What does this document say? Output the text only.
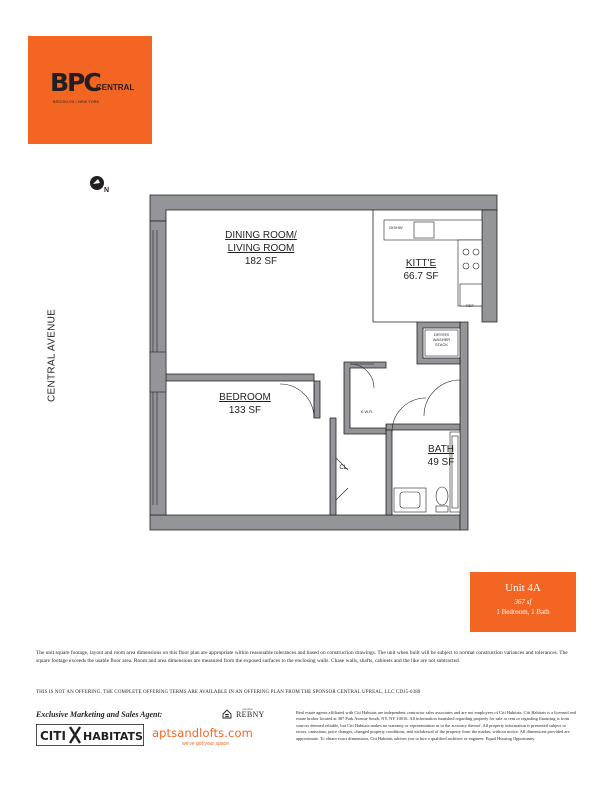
BPC
CENTRAL
BROOKLYN • NEW YORK
N
CENTRAL AVENUE
DINING ROOM/
LIVING ROOM
182 SF	KITT'E
66.7 SF
BEDROOM
133 SF
BATH
49 SF
CL.
K.W.R.
DISHW
REF
DRYER/
WASHER
STACK
Unit 4A
367 sf
1 Bedroom, 1 Bath
The unit square footage, layout and room area dimensions on this floor plan are appropriate within reasonable tolerances and based on construction drawings. The unit when built will be subject to normal construction variances and tolerances. The square footage exceeds the usable floor area. Room and area dimensions are measured from the exposed surfaces to the enclosing walls. Chase walls, shafts, cabinets and the like are not subtracted.
THIS IS NOT AN OFFERING. THE COMPLETE OFFERING TERMS ARE AVAILABLE IN AN OFFERING PLAN FROM THE SPONSOR CENTRAL UPREAL, LLC CD15-0389
Exclusive Marketing and Sales Agent:
member
REBNY
CITI HABITATS aptsandlofts.com
we've got your space
Real estate agents affiliated with Citi Habitats are independent contractor sales associates and are not employees of Citi Habitats. Citi Habitats is a licensed real estate broker located at 387 Park Avenue South, NY, NY 10016. All information furnished regarding property for sale or rent or regarding financing is from sources deemed reliable, but Citi Habitats makes no warranty or representation as to the accuracy thereof. All property information is presented subject to errors, omissions, price changes, changed property conditions, and withdrawal of the property from the market, without notice. All dimensions provided are approximate. To obtain exact dimensions, Citi Habitats advises you to hire a qualified architect or engineer. Equal Housing Opportunity.
